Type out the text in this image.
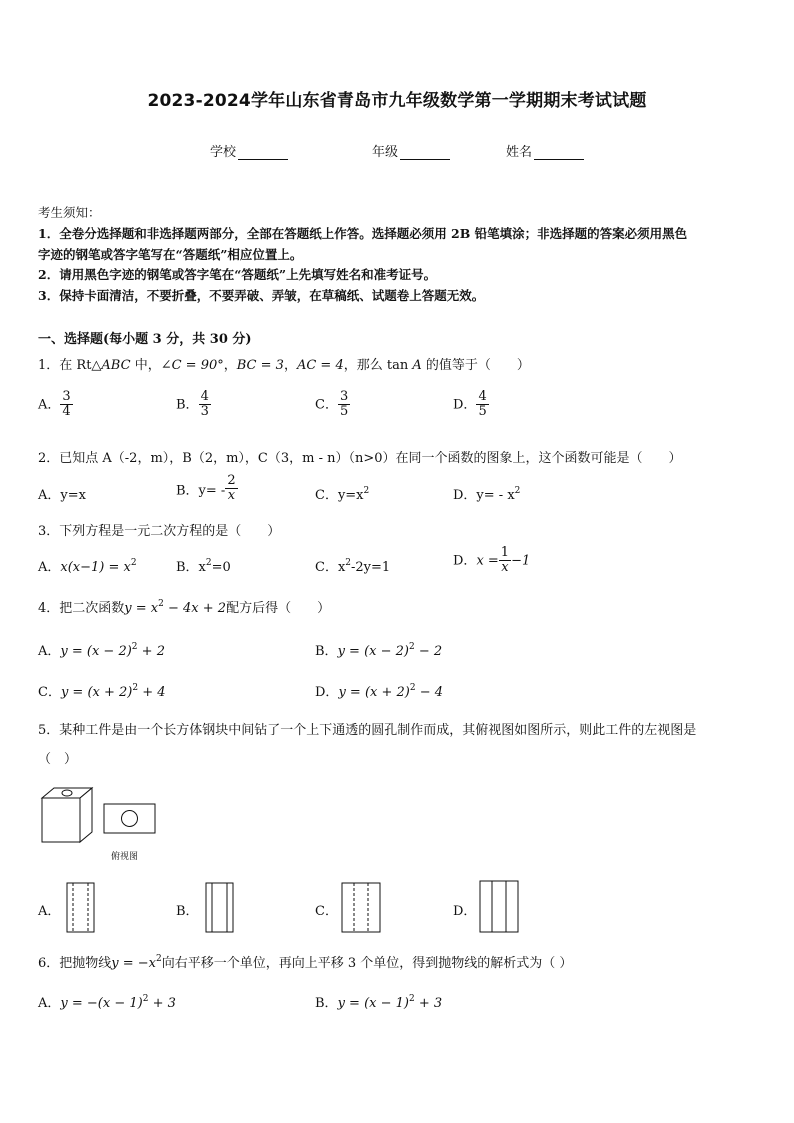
2023-2024学年山东省青岛市九年级数学第一学期期末考试试题
学校	年级	姓名
考生须知：
1．全卷分选择题和非选择题两部分，全部在答题纸上作答。选择题必须用 2B 铅笔填涂；非选择题的答案必须用黑色
字迹的钢笔或答字笔写在“答题纸”相应位置上。
2．请用黑色字迹的钢笔或答字笔在“答题纸”上先填写姓名和准考证号。
3．保持卡面清洁，不要折叠，不要弄破、弄皱，在草稿纸、试题卷上答题无效。
一、选择题(每小题 3 分，共 30 分)
1．在 Rt△ABC 中，∠C = 90°，BC = 3，AC = 4，那么 tan A 的值等于（　　）
A． $\frac{3}{4}$	B． $\frac{4}{3}$	C． $\frac{3}{5}$	D． $\frac{4}{5}$
2．已知点 A（-2，m），B（2，m），C（3，m - n）（n>0）在同一个函数的图象上，这个函数可能是（　　）
A．y=x	B．$y= - \frac{2}{x}$	C．$y=x^2$	D．$y= - x^2$
3．下列方程是一元二次方程的是（　　）
A．$x(x-1) = x^2$	B．$x^2=0$	C．$x^2-2y=1$	D．$x = \frac{1}{x} -1$
4．把二次函数$y = x^2 - 4x + 2$配方后得（　　）
A．$y = (x - 2)^2 + 2$	B．$y = (x - 2)^2 - 2$
C．$y = (x + 2)^2 + 4$	D．$y = (x + 2)^2 - 4$
5．某种工件是由一个长方体钢块中间钻了一个上下通透的圆孔制作而成，其俯视图如图所示，则此工件的左视图是
（　）
俯视图
A．	B．	C．	D．
6．把抛物线$y = -x^2$向右平移一个单位，再向上平移 3 个单位，得到抛物线的解析式为（ ）
A．$y = -(x - 1)^2 + 3$	B．$y = (x - 1)^2 + 3$
